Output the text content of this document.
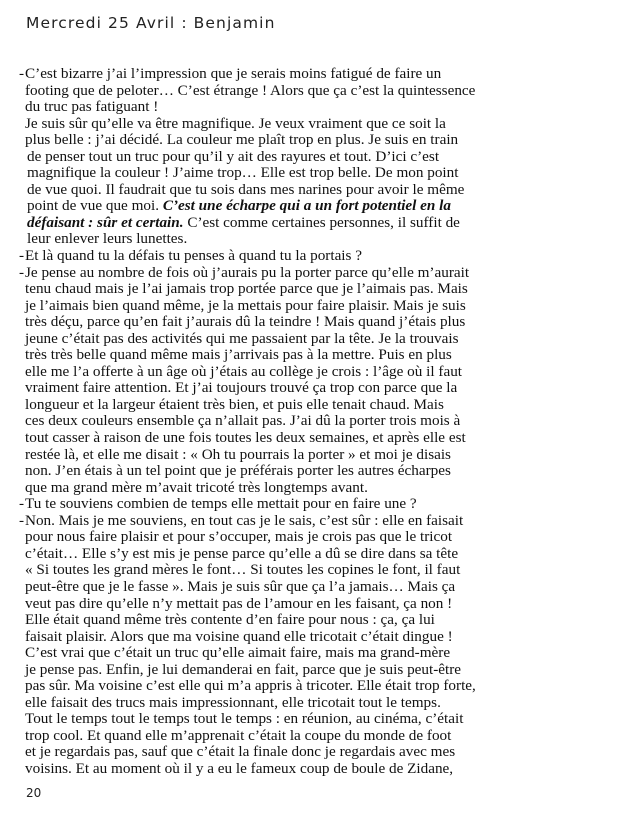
Mercredi 25 Avril : Benjamin
-C’est bizarre j’ai l’impression que je serais moins fatigué de faire un
footing que de peloter… C’est étrange ! Alors que ça c’est la quintessence
du truc pas fatiguant !
Je suis sûr qu’elle va être magnifique. Je veux vraiment que ce soit la
plus belle : j’ai décidé. La couleur me plaît trop en plus. Je suis en train
de penser tout un truc pour qu’il y ait des rayures et tout. D’ici c’est
magnifique la couleur ! J’aime trop… Elle est trop belle. De mon point
de vue quoi. Il faudrait que tu sois dans mes narines pour avoir le même
point de vue que moi. C’est une écharpe qui a un fort potentiel en la
défaisant : sûr et certain. C’est comme certaines personnes, il suffit de
leur enlever leurs lunettes.
-Et là quand tu la défais tu penses à quand tu la portais ?
-Je pense au nombre de fois où j’aurais pu la porter parce qu’elle m’aurait
tenu chaud mais je l’ai jamais trop portée parce que je l’aimais pas. Mais
je l’aimais bien quand même, je la mettais pour faire plaisir. Mais je suis
très déçu, parce qu’en fait j’aurais dû la teindre ! Mais quand j’étais plus
jeune c’était pas des activités qui me passaient par la tête. Je la trouvais
très très belle quand même mais j’arrivais pas à la mettre. Puis en plus
elle me l’a offerte à un âge où j’étais au collège je crois : l’âge où il faut
vraiment faire attention. Et j’ai toujours trouvé ça trop con parce que la
longueur et la largeur étaient très bien, et puis elle tenait chaud. Mais
ces deux couleurs ensemble ça n’allait pas. J’ai dû la porter trois mois à
tout casser à raison de une fois toutes les deux semaines, et après elle est
restée là, et elle me disait : « Oh tu pourrais la porter » et moi je disais
non. J’en étais à un tel point que je préférais porter les autres écharpes
que ma grand mère m’avait tricoté très longtemps avant.
-Tu te souviens combien de temps elle mettait pour en faire une ?
-Non. Mais je me souviens, en tout cas je le sais, c’est sûr : elle en faisait
pour nous faire plaisir et pour s’occuper, mais je crois pas que le tricot
c’était… Elle s’y est mis je pense parce qu’elle a dû se dire dans sa tête
« Si toutes les grand mères le font… Si toutes les copines le font, il faut
peut-être que je le fasse ». Mais je suis sûr que ça l’a jamais… Mais ça
veut pas dire qu’elle n’y mettait pas de l’amour en les faisant, ça non !
Elle était quand même très contente d’en faire pour nous : ça, ça lui
faisait plaisir. Alors que ma voisine quand elle tricotait c’était dingue !
C’est vrai que c’était un truc qu’elle aimait faire, mais ma grand-mère
je pense pas. Enfin, je lui demanderai en fait, parce que je suis peut-être
pas sûr. Ma voisine c’est elle qui m’a appris à tricoter. Elle était trop forte,
elle faisait des trucs mais impressionnant, elle tricotait tout le temps.
Tout le temps tout le temps tout le temps : en réunion, au cinéma, c’était
trop cool. Et quand elle m’apprenait c’était la coupe du monde de foot
et je regardais pas, sauf que c’était la finale donc je regardais avec mes
voisins. Et au moment où il y a eu le fameux coup de boule de Zidane,
20
